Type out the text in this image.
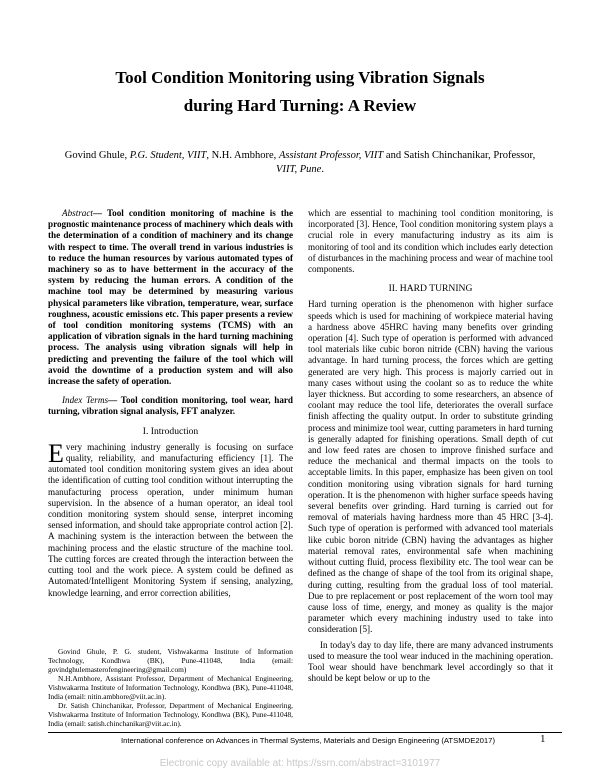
Tool Condition Monitoring using Vibration Signals
during Hard Turning: A Review
Govind Ghule, P.G. Student, VIIT, N.H. Ambhore, Assistant Professor, VIIT and Satish Chinchanikar, Professor, VIIT, Pune.

Abstract— Tool condition monitoring of machine is the prognostic maintenance process of machinery which deals with the determination of a condition of machinery and its change with respect to time. The overall trend in various industries is to reduce the human resources by various automated types of machinery so as to have betterment in the accuracy of the system by reducing the human errors. A condition of the machine tool may be determined by measuring various physical parameters like vibration, temperature, wear, surface roughness, acoustic emissions etc. This paper presents a review of tool condition monitoring systems (TCMS) with an application of vibration signals in the hard turning machining process. The analysis using vibration signals will help in predicting and preventing the failure of the tool which will avoid the downtime of a production system and will also increase the safety of operation.

Index Terms— Tool condition monitoring, tool wear, hard turning, vibration signal analysis, FFT analyzer.

I. Introduction

Every machining industry generally is focusing on surface quality, reliability, and manufacturing efficiency [1]. The automated tool condition monitoring system gives an idea about the identification of cutting tool condition without interrupting the manufacturing process operation, under minimum human supervision. In the absence of a human operator, an ideal tool condition monitoring system should sense, interpret incoming sensed information, and should take appropriate control action [2]. A machining system is the interaction between the between the machining process and the elastic structure of the machine tool. The cutting forces are created through the interaction between the cutting tool and the work piece. A system could be defined as Automated/Intelligent Monitoring System if sensing, analyzing, knowledge learning, and error correction abilities,

Govind Ghule, P. G. student, Vishwakarma Institute of Information Technology, Kondhwa (BK), Pune-411048, India (email: govindghulemasterofengineering@gmail.com)

N.H.Ambhore, Assistant Professor, Department of Mechanical Engineering, Vishwakarma Institute of Information Technology, Kondhwa (BK), Pune-411048, India (email: nitin.ambhore@viit.ac.in).

Dr. Satish Chinchanikar, Professor, Department of Mechanical Engineering, Vishwakarma Institute of Information Technology, Kondhwa (BK), Pune-411048, India (email: satish.chinchanikar@viit.ac.in).

which are essential to machining tool condition monitoring, is incorporated [3]. Hence, Tool condition monitoring system plays a crucial role in every manufacturing industry as its aim is monitoring of tool and its condition which includes early detection of disturbances in the machining process and wear of machine tool components.

II. HARD TURNING

Hard turning operation is the phenomenon with higher surface speeds which is used for machining of workpiece material having a hardness above 45HRC having many benefits over grinding operation [4]. Such type of operation is performed with advanced tool materials like cubic boron nitride (CBN) having the various advantage. In hard turning process, the forces which are getting generated are very high. This process is majorly carried out in many cases without using the coolant so as to reduce the white layer thickness. But according to some researchers, an absence of coolant may reduce the tool life, deteriorates the overall surface finish affecting the quality output. In order to substitute grinding process and minimize tool wear, cutting parameters in hard turning is generally adapted for finishing operations. Small depth of cut and low feed rates are chosen to improve finished surface and reduce the mechanical and thermal impacts on the tools to acceptable limits. In this paper, emphasize has been given on tool condition monitoring using vibration signals for hard turning operation. It is the phenomenon with higher surface speeds having several benefits over grinding. Hard turning is carried out for removal of materials having hardness more than 45 HRC [3-4]. Such type of operation is performed with advanced tool materials like cubic boron nitride (CBN) having the advantages as higher material removal rates, environmental safe when machining without cutting fluid, process flexibility etc. The tool wear can be defined as the change of shape of the tool from its original shape, during cutting, resulting from the gradual loss of tool material. Due to pre replacement or post replacement of the worn tool may cause loss of time, energy, and money as quality is the major parameter which every machining industry used to take into consideration [5].

In today's day to day life, there are many advanced instruments used to measure the tool wear induced in the machining operation. Tool wear should have benchmark level accordingly so that it should be kept below or up to the

International conference on Advances in Thermal Systems, Materials and Design Engineering (ATSMDE2017)	1
Electronic copy available at: https://ssrn.com/abstract=3101977
